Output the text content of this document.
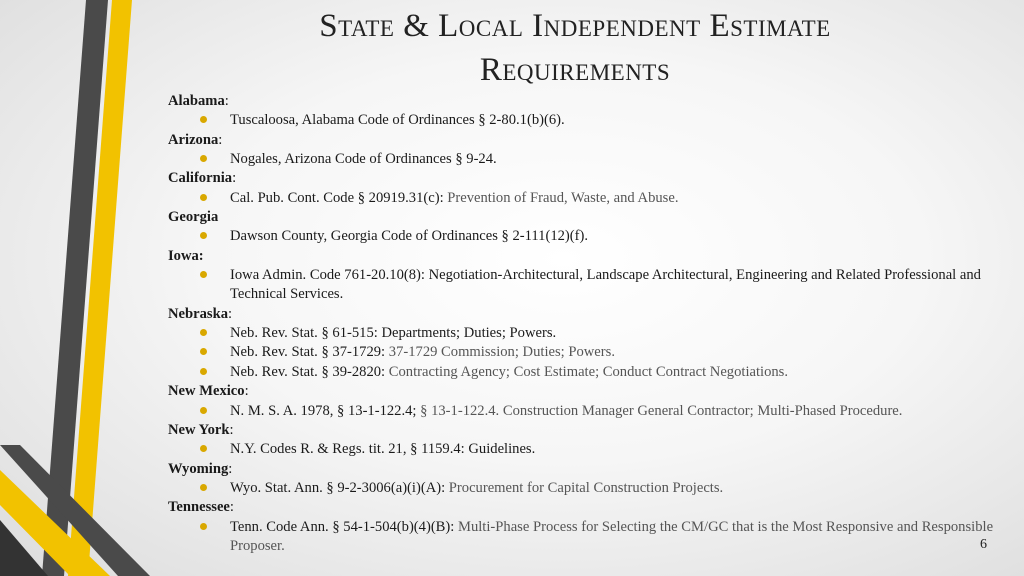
State & Local Independent Estimate
Requirements
Alabama:
Tuscaloosa, Alabama Code of Ordinances § 2-80.1(b)(6).
Arizona:
Nogales, Arizona Code of Ordinances § 9-24.
California:
Cal. Pub. Cont. Code § 20919.31(c): Prevention of Fraud, Waste, and Abuse.
Georgia
Dawson County, Georgia Code of Ordinances § 2-111(12)(f).
Iowa:
Iowa Admin. Code 761-20.10(8): Negotiation-Architectural, Landscape Architectural, Engineering and Related Professional and Technical Services.
Nebraska:
Neb. Rev. Stat. § 61-515: Departments; Duties; Powers.
Neb. Rev. Stat. § 37-1729: 37-1729 Commission; Duties; Powers.
Neb. Rev. Stat. § 39-2820: Contracting Agency; Cost Estimate; Conduct Contract Negotiations.
New Mexico:
N. M. S. A. 1978, § 13-1-122.4; § 13-1-122.4. Construction Manager General Contractor; Multi-Phased Procedure.
New York:
N.Y. Codes R. & Regs. tit. 21, § 1159.4: Guidelines.
Wyoming:
Wyo. Stat. Ann. § 9-2-3006(a)(i)(A): Procurement for Capital Construction Projects.
Tennessee:
Tenn. Code Ann. § 54-1-504(b)(4)(B): Multi-Phase Process for Selecting the CM/GC that is the Most Responsive and Responsible Proposer.	6
